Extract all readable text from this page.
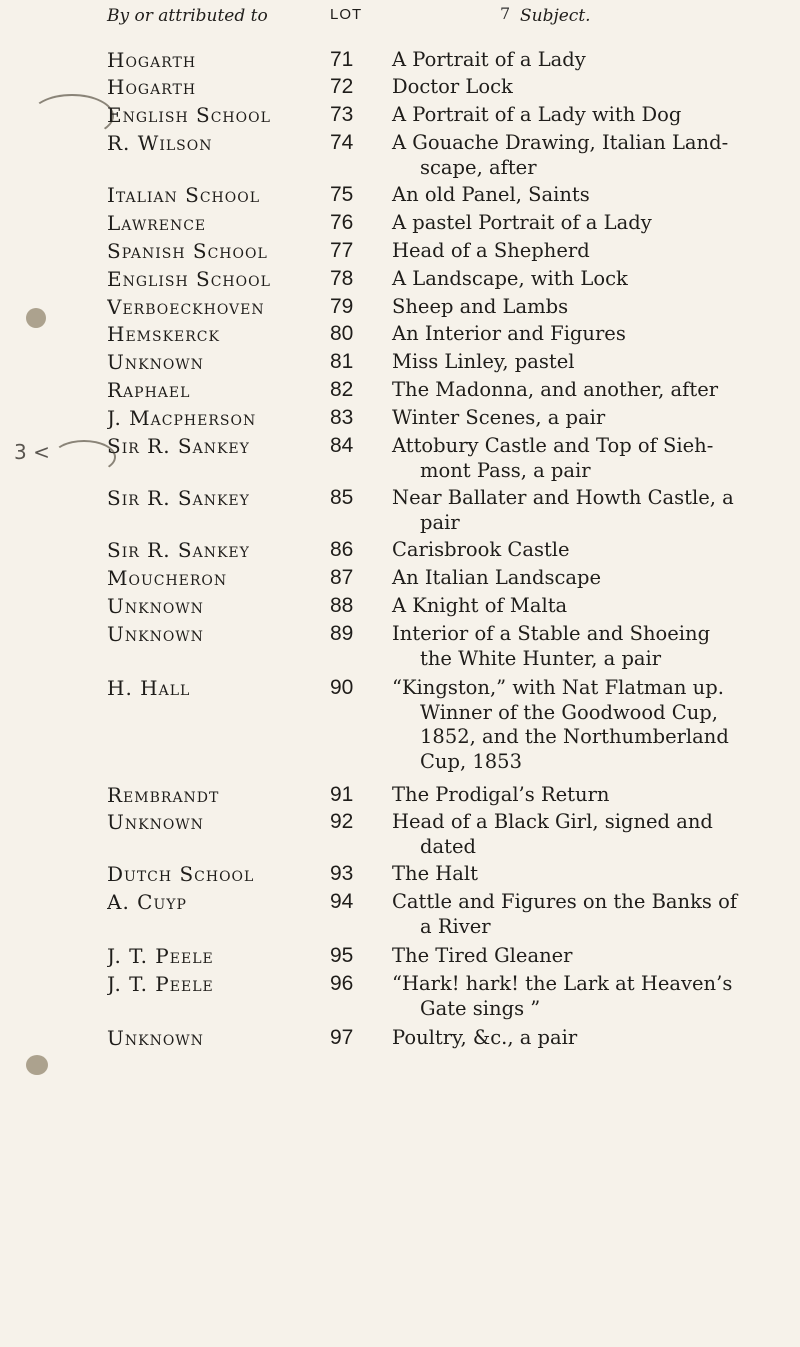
7
By or attributed to	LOT	Subject.
3 <
Hogarth	71	A Portrait of a Lady
Hogarth	72	Doctor Lock
English School	73	A Portrait of a Lady with Dog
R. Wilson	74	A Gouache Drawing, Italian Land-

scape, after
Italian School	75	An old Panel, Saints
Lawrence	76	A pastel Portrait of a Lady
Spanish School	77	Head of a Shepherd
English School	78	A Landscape, with Lock
Verboeckhoven	79	Sheep and Lambs
Hemskerck	80	An Interior and Figures
Unknown	81	Miss Linley, pastel
Raphael	82	The Madonna, and another, after
J. Macpherson	83	Winter Scenes, a pair
Sir R. Sankey	84	Attobury Castle and Top of Sieh-

mont Pass, a pair
Sir R. Sankey	85	Near Ballater and Howth Castle, a

pair
Sir R. Sankey	86	Carisbrook Castle
Moucheron	87	An Italian Landscape
Unknown	88	A Knight of Malta
Unknown	89	Interior of a Stable and Shoeing

the White Hunter, a pair
H. Hall	90	“Kingston,” with Nat Flatman up.

Winner of the Goodwood Cup,
1852, and the Northumberland
Cup, 1853
Rembrandt	91	The Prodigal’s Return
Unknown	92	Head of a Black Girl, signed and

dated
Dutch School	93	The Halt
A. Cuyp	94	Cattle and Figures on the Banks of

a River
J. T. Peele	95	The Tired Gleaner
J. T. Peele	96	“Hark! hark! the Lark at Heaven’s

Gate sings ”
Unknown	97	Poultry, &c., a pair
